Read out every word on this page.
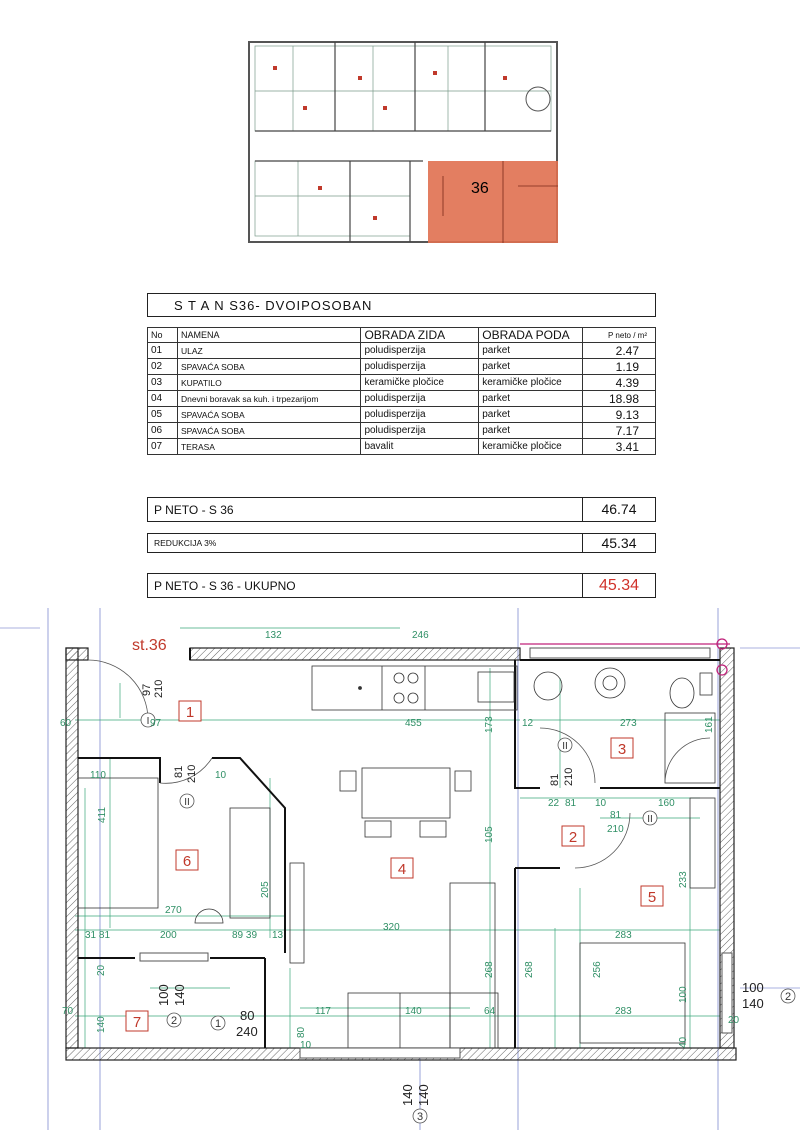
36
S T A N S36- DVOIPOSOBAN
No	NAMENA	OBRADA ZIDA	OBRADA PODA	P neto / m²
01	ULAZ	poludisperzija	parket	2.47
02	SPAVAĆA SOBA	poludisperzija	parket	1.19
03	KUPATILO	keramičke pločice	keramičke pločice	4.39
04	Dnevni boravak sa kuh. i trpezarijom	poludisperzija	parket	18.98
05	SPAVAĆA SOBA	poludisperzija	parket	9.13
06	SPAVAĆA SOBA	poludisperzija	parket	7.17
07	TERASA	bavalit	keramičke pločice	3.41
P NETO - S 36	46.74
REDUKCIJA 3%	45.34
P NETO - S 36 - UKUPNO	45.34
st.36
1
2
3
4
5
6
7
I
II
II
II
1
2
3
2
132	246
60	97	455	273
12
110	10
22 81 10
81
210
160
270
31 81	200	89 39 13
320
283
117	140	64	283
70
20
10
173	161
411
105
233
205
268	268	256
100
20
140	80
40
97 210
81 210	81 210
100 140
80
240
100
140
140 140
